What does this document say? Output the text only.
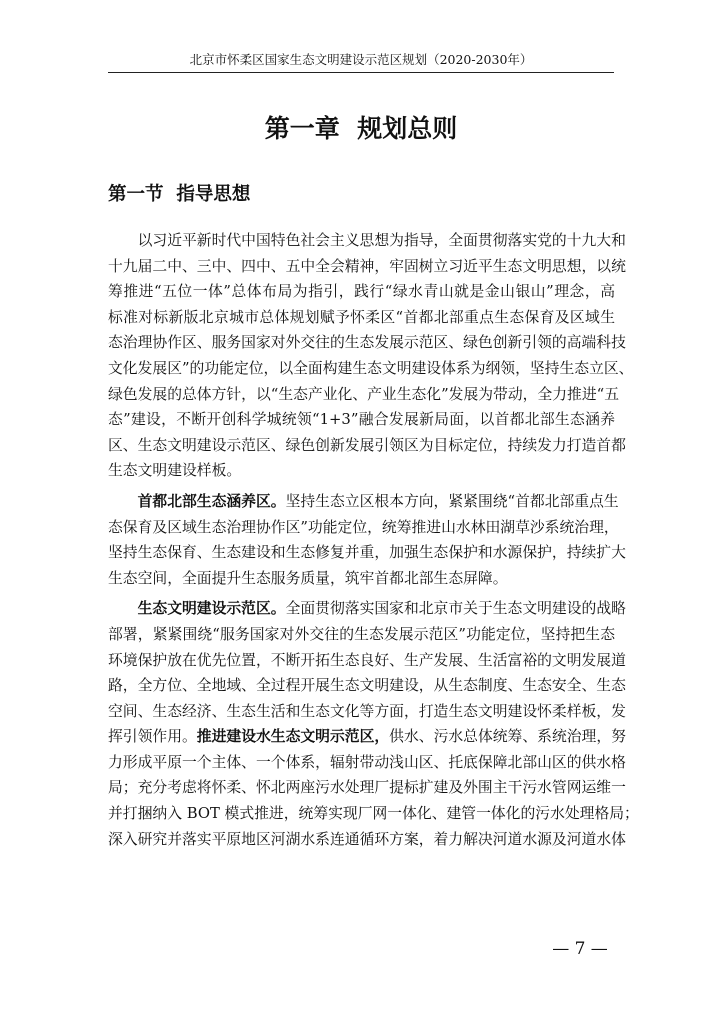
北京市怀柔区国家生态文明建设示范区规划（2020-2030年）
第一章  规划总则
第一节  指导思想
以习近平新时代中国特色社会主义思想为指导，全面贯彻落实党的十九大和
十九届二中、三中、四中、五中全会精神，牢固树立习近平生态文明思想，以统
筹推进“五位一体”总体布局为指引，践行“绿水青山就是金山银山”理念，高
标准对标新版北京城市总体规划赋予怀柔区“首都北部重点生态保育及区域生
态治理协作区、服务国家对外交往的生态发展示范区、绿色创新引领的高端科技
文化发展区”的功能定位，以全面构建生态文明建设体系为纲领，坚持生态立区、
绿色发展的总体方针，以“生态产业化、产业生态化”发展为带动，全力推进“五
态”建设，不断开创科学城统领“1+3”融合发展新局面，以首都北部生态涵养
区、生态文明建设示范区、绿色创新发展引领区为目标定位，持续发力打造首都
生态文明建设样板。
首都北部生态涵养区。坚持生态立区根本方向，紧紧围绕“首都北部重点生
态保育及区域生态治理协作区”功能定位，统筹推进山水林田湖草沙系统治理，
坚持生态保育、生态建设和生态修复并重，加强生态保护和水源保护，持续扩大
生态空间，全面提升生态服务质量，筑牢首都北部生态屏障。
生态文明建设示范区。全面贯彻落实国家和北京市关于生态文明建设的战略
部署，紧紧围绕“服务国家对外交往的生态发展示范区”功能定位，坚持把生态
环境保护放在优先位置，不断开拓生态良好、生产发展、生活富裕的文明发展道
路，全方位、全地域、全过程开展生态文明建设，从生态制度、生态安全、生态
空间、生态经济、生态生活和生态文化等方面，打造生态文明建设怀柔样板，发
挥引领作用。推进建设水生态文明示范区，供水、污水总体统筹、系统治理，努
力形成平原一个主体、一个体系，辐射带动浅山区、托底保障北部山区的供水格
局；充分考虑将怀柔、怀北两座污水处理厂提标扩建及外围主干污水管网运维一
并打捆纳入 BOT 模式推进，统筹实现厂网一体化、建管一体化的污水处理格局；
深入研究并落实平原地区河湖水系连通循环方案，着力解决河道水源及河道水体
— 7 —
